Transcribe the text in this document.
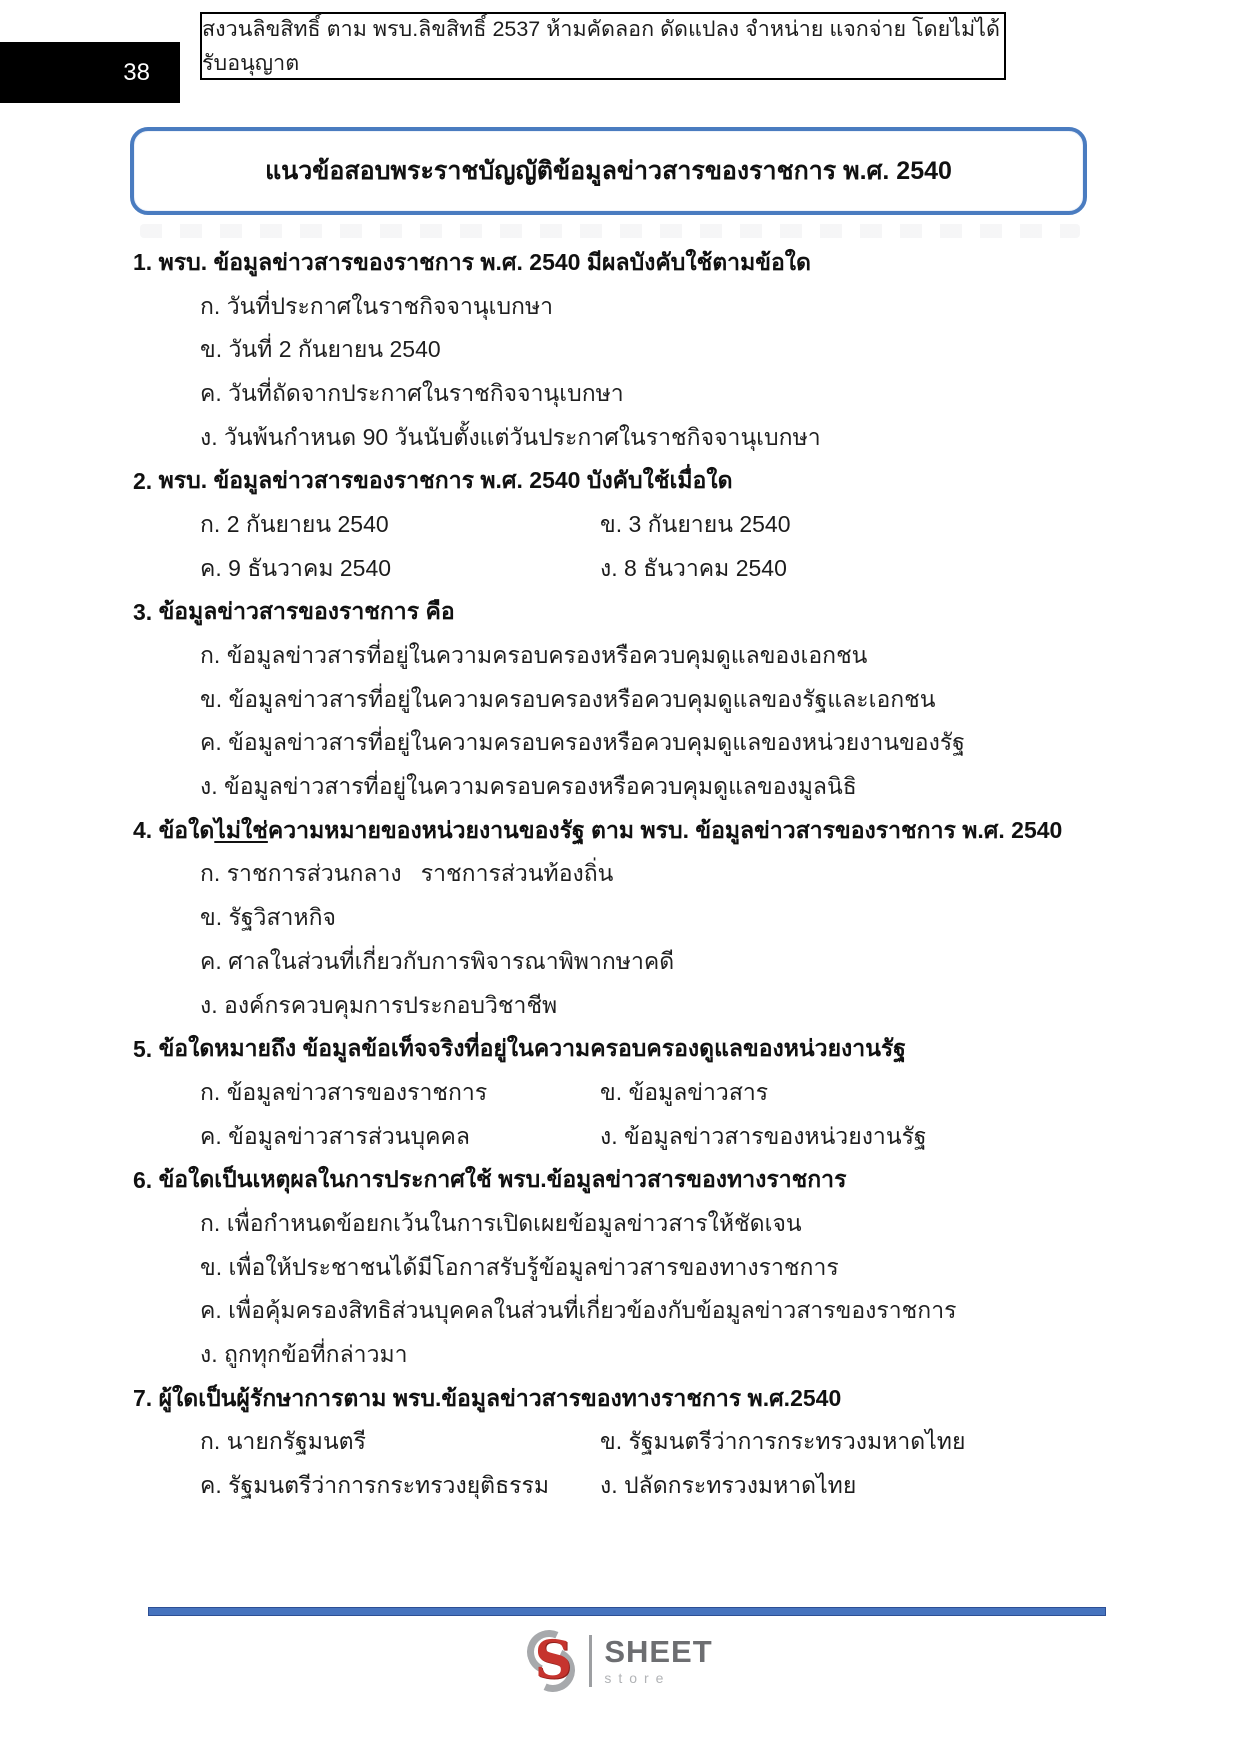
38
สงวนลิขสิทธิ์ ตาม พรบ.ลิขสิทธิ์ 2537 ห้ามคัดลอก ดัดแปลง จำหน่าย แจกจ่าย โดยไม่ได้รับอนุญาต
แนวข้อสอบพระราชบัญญัติข้อมูลข่าวสารของราชการ พ.ศ. 2540
1. พรบ. ข้อมูลข่าวสารของราชการ พ.ศ. 2540 มีผลบังคับใช้ตามข้อใด
ก. วันที่ประกาศในราชกิจจานุเบกษา
ข. วันที่ 2 กันยายน 2540
ค. วันที่ถัดจากประกาศในราชกิจจานุเบกษา
ง. วันพ้นกำหนด 90 วันนับตั้งแต่วันประกาศในราชกิจจานุเบกษา
2. พรบ. ข้อมูลข่าวสารของราชการ พ.ศ. 2540 บังคับใช้เมื่อใด
ก. 2 กันยายน 2540	ข. 3 กันยายน 2540
ค. 9 ธันวาคม 2540	ง. 8 ธันวาคม 2540
3. ข้อมูลข่าวสารของราชการ คือ
ก. ข้อมูลข่าวสารที่อยู่ในความครอบครองหรือควบคุมดูแลของเอกชน
ข. ข้อมูลข่าวสารที่อยู่ในความครอบครองหรือควบคุมดูแลของรัฐและเอกชน
ค. ข้อมูลข่าวสารที่อยู่ในความครอบครองหรือควบคุมดูแลของหน่วยงานของรัฐ
ง. ข้อมูลข่าวสารที่อยู่ในความครอบครองหรือควบคุมดูแลของมูลนิธิ
4. ข้อใด ไม่ใช่ ความหมายของหน่วยงานของรัฐ ตาม พรบ. ข้อมูลข่าวสารของราชการ พ.ศ. 2540
ก. ราชการส่วนกลาง   ราชการส่วนท้องถิ่น
ข. รัฐวิสาหกิจ
ค. ศาลในส่วนที่เกี่ยวกับการพิจารณาพิพากษาคดี
ง. องค์กรควบคุมการประกอบวิชาชีพ
5. ข้อใดหมายถึง ข้อมูลข้อเท็จจริงที่อยู่ในความครอบครองดูแลของหน่วยงานรัฐ
ก. ข้อมูลข่าวสารของราชการ	ข. ข้อมูลข่าวสาร
ค. ข้อมูลข่าวสารส่วนบุคคล	ง. ข้อมูลข่าวสารของหน่วยงานรัฐ
6. ข้อใดเป็นเหตุผลในการประกาศใช้ พรบ.ข้อมูลข่าวสารของทางราชการ
ก. เพื่อกำหนดข้อยกเว้นในการเปิดเผยข้อมูลข่าวสารให้ชัดเจน
ข. เพื่อให้ประชาชนได้มีโอกาสรับรู้ข้อมูลข่าวสารของทางราชการ
ค. เพื่อคุ้มครองสิทธิส่วนบุคคลในส่วนที่เกี่ยวข้องกับข้อมูลข่าวสารของราชการ
ง. ถูกทุกข้อที่กล่าวมา
7. ผู้ใดเป็นผู้รักษาการตาม พรบ.ข้อมูลข่าวสารของทางราชการ พ.ศ.2540
ก. นายกรัฐมนตรี	ข. รัฐมนตรีว่าการกระทรวงมหาดไทย
ค. รัฐมนตรีว่าการกระทรวงยุติธรรม	ง. ปลัดกระทรวงมหาดไทย
S SHEET
store
